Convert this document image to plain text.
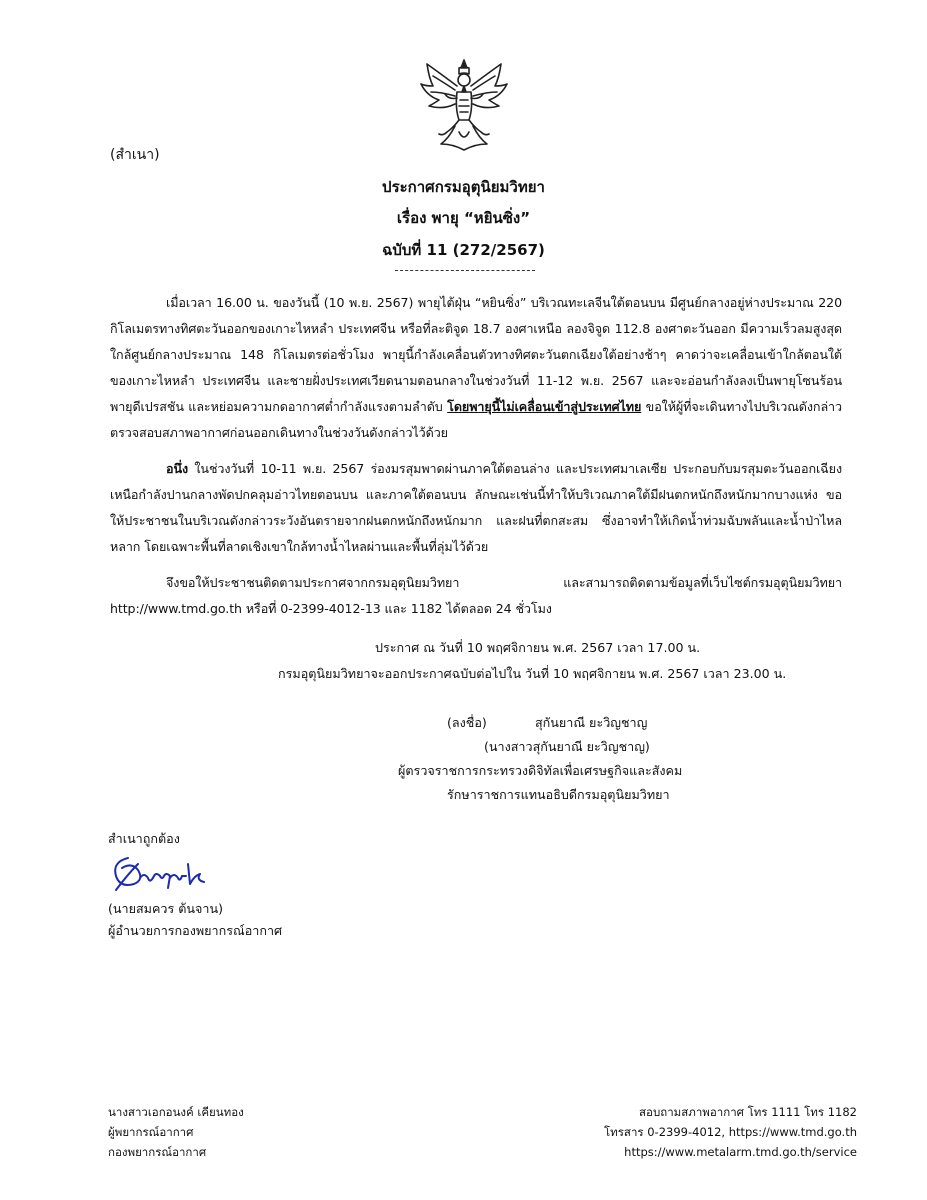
(สำเนา)
ประกาศกรมอุตุนิยมวิทยา
เรื่อง พายุ “หยินซิ่ง”
ฉบับที่ 11 (272/2567)

เมื่อเวลา 16.00 น. ของวันนี้ (10 พ.ย. 2567) พายุไต้ฝุ่น “หยินซิ่ง” บริเวณทะเลจีนใต้ตอนบน มีศูนย์กลางอยู่ห่างประมาณ 220 กิโลเมตรทางทิศตะวันออกของเกาะไหหลำ ประเทศจีน หรือที่ละติจูด 18.7 องศาเหนือ ลองจิจูด 112.8 องศาตะวันออก มีความเร็วลมสูงสุดใกล้ศูนย์กลางประมาณ 148 กิโลเมตรต่อชั่วโมง พายุนี้กำลังเคลื่อนตัวทางทิศตะวันตกเฉียงใต้อย่างช้าๆ คาดว่าจะเคลื่อนเข้าใกล้ตอนใต้ของเกาะไหหลำ ประเทศจีน และชายฝั่งประเทศเวียดนามตอนกลางในช่วงวันที่ 11-12 พ.ย. 2567 และจะอ่อนกำลังลงเป็นพายุโซนร้อน พายุดีเปรสชัน และหย่อมความกดอากาศต่ำกำลังแรงตามลำดับ โดยพายุนี้ไม่เคลื่อนเข้าสู่ประเทศไทย ขอให้ผู้ที่จะเดินทางไปบริเวณดังกล่าวตรวจสอบสภาพอากาศก่อนออกเดินทางในช่วงวันดังกล่าวไว้ด้วย

อนึ่ง ในช่วงวันที่ 10-11 พ.ย. 2567 ร่องมรสุมพาดผ่านภาคใต้ตอนล่าง และประเทศมาเลเซีย ประกอบกับมรสุมตะวันออกเฉียงเหนือกำลังปานกลางพัดปกคลุมอ่าวไทยตอนบน และภาคใต้ตอนบน ลักษณะเช่นนี้ทำให้บริเวณภาคใต้มีฝนตกหนักถึงหนักมากบางแห่ง ขอให้ประชาชนในบริเวณดังกล่าวระวังอันตรายจากฝนตกหนักถึงหนักมาก และฝนที่ตกสะสม ซึ่งอาจทำให้เกิดน้ำท่วมฉับพลันและน้ำป่าไหลหลาก โดยเฉพาะพื้นที่ลาดเชิงเขาใกล้ทางน้ำไหลผ่านและพื้นที่ลุ่มไว้ด้วย

จึงขอให้ประชาชนติดตามประกาศจากกรมอุตุนิยมวิทยา และสามารถติดตามข้อมูลที่เว็บไซต์กรมอุตุนิยมวิทยา http://www.tmd.go.th หรือที่ 0-2399-4012-13 และ 1182 ได้ตลอด 24 ชั่วโมง

ประกาศ ณ วันที่ 10 พฤศจิกายน พ.ศ. 2567 เวลา 17.00 น.
กรมอุตุนิยมวิทยาจะออกประกาศฉบับต่อไปใน วันที่ 10 พฤศจิกายน พ.ศ. 2567 เวลา 23.00 น.
(ลงชื่อ)	สุกันยาณี ยะวิญชาญ
(นางสาวสุกันยาณี ยะวิญชาญ)
ผู้ตรวจราชการกระทรวงดิจิทัลเพื่อเศรษฐกิจและสังคม
รักษาราชการแทนอธิบดีกรมอุตุนิยมวิทยา
สำเนาถูกต้อง
(นายสมควร ต้นจาน)
ผู้อำนวยการกองพยากรณ์อากาศ
นางสาวเอกอนงค์ เคียนทอง
ผู้พยากรณ์อากาศ
กองพยากรณ์อากาศ
สอบถามสภาพอากาศ โทร 1111 โทร 1182
โทรสาร 0-2399-4012, https://www.tmd.go.th
https://www.metalarm.tmd.go.th/service
